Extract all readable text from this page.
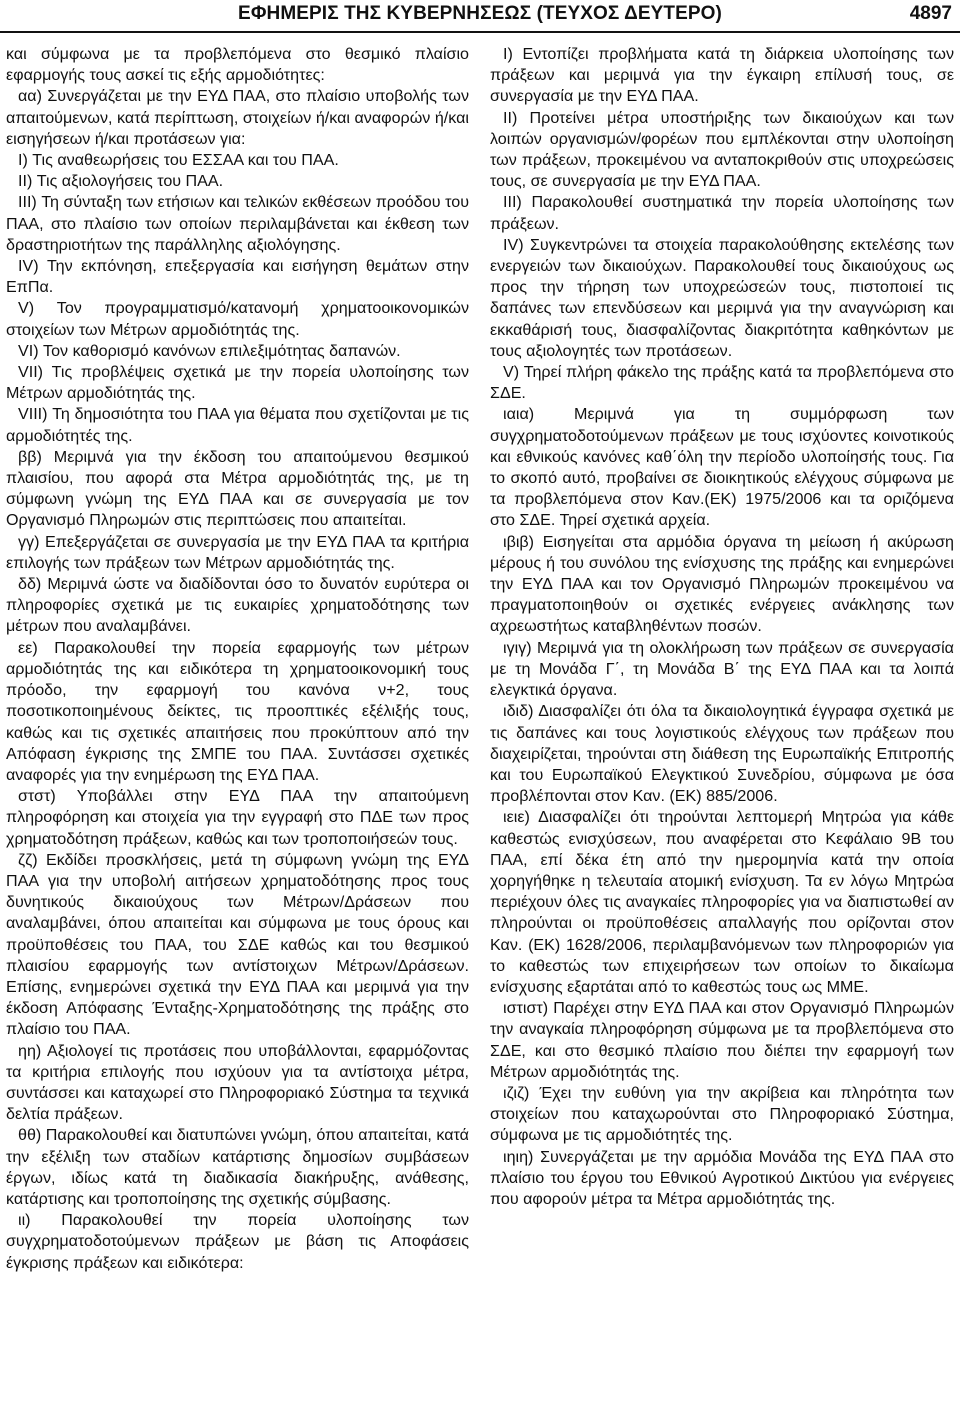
ΕΦΗΜΕΡΙΣ ΤΗΣ ΚΥΒΕΡΝΗΣΕΩΣ (ΤΕΥΧΟΣ ΔΕΥΤΕΡΟ)	4897

και σύμφωνα με τα προβλεπόμενα στο θεσμικό πλαίσιο εφαρμογής τους ασκεί τις εξής αρμοδιότητες:

αα) Συνεργάζεται με την ΕΥΔ ΠΑΑ, στο πλαίσιο υποβολής των απαιτούμενων, κατά περίπτωση, στοιχείων ή/και αναφορών ή/και εισηγήσεων ή/και προτάσεων για:

I) Τις αναθεωρήσεις του ΕΣΣΑΑ και του ΠΑΑ.

II) Τις αξιολογήσεις του ΠΑΑ.

III) Τη σύνταξη των ετήσιων και τελικών εκθέσεων προόδου του ΠΑΑ, στο πλαίσιο των οποίων περιλαμβάνεται και έκθεση των δραστηριοτήτων της παράλληλης αξιολόγησης.

IV) Την εκπόνηση, επεξεργασία και εισήγηση θεμάτων στην ΕπΠα.

V) Τον προγραμματισμό/κατανομή χρηματοοικονομικών στοιχείων των Μέτρων αρμοδιότητάς της.

VI) Τον καθορισμό κανόνων επιλεξιμότητας δαπανών.

VII) Τις προβλέψεις σχετικά με την πορεία υλοποίησης των Μέτρων αρμοδιότητάς της.

VIII) Τη δημοσιότητα του ΠΑΑ για θέματα που σχετίζονται με τις αρμοδιότητές της.

ββ) Μεριμνά για την έκδοση του απαιτούμενου θεσμικού πλαισίου, που αφορά στα Μέτρα αρμοδιότητάς της, με τη σύμφωνη γνώμη της ΕΥΔ ΠΑΑ και σε συνεργασία με τον Οργανισμό Πληρωμών στις περιπτώσεις που απαιτείται.

γγ) Επεξεργάζεται σε συνεργασία με την ΕΥΔ ΠΑΑ τα κριτήρια επιλογής των πράξεων των Μέτρων αρμοδιότητάς της.

δδ) Μεριμνά ώστε να διαδίδονται όσο το δυνατόν ευρύτερα οι πληροφορίες σχετικά με τις ευκαιρίες χρηματοδότησης των μέτρων που αναλαμβάνει.

εε) Παρακολουθεί την πορεία εφαρμογής των μέτρων αρμοδιότητάς της και ειδικότερα τη χρηματοοικονομική τους πρόοδο, την εφαρμογή του κανόνα ν+2, τους ποσοτικοποιημένους δείκτες, τις προοπτικές εξέλιξής τους, καθώς και τις σχετικές απαιτήσεις που προκύπτουν από την Απόφαση έγκρισης της ΣΜΠΕ του ΠΑΑ. Συντάσσει σχετικές αναφορές για την ενημέρωση της ΕΥΔ ΠΑΑ.

στστ) Υποβάλλει στην ΕΥΔ ΠΑΑ την απαιτούμενη πληροφόρηση και στοιχεία για την εγγραφή στο ΠΔΕ των προς χρηματοδότηση πράξεων, καθώς και των τροποποιήσεών τους.

ζζ) Εκδίδει προσκλήσεις, μετά τη σύμφωνη γνώμη της ΕΥΔ ΠΑΑ για την υποβολή αιτήσεων χρηματοδότησης προς τους δυνητικούς δικαιούχους των Μέτρων/Δράσεων που αναλαμβάνει, όπου απαιτείται και σύμφωνα με τους όρους και προϋποθέσεις του ΠΑΑ, του ΣΔΕ καθώς και του θεσμικού πλαισίου εφαρμογής των αντίστοιχων Μέτρων/Δράσεων. Επίσης, ενημερώνει σχετικά την ΕΥΔ ΠΑΑ και μεριμνά για την έκδοση Απόφασης Ένταξης-Χρηματοδότησης της πράξης στο πλαίσιο του ΠΑΑ.

ηη) Αξιολογεί τις προτάσεις που υποβάλλονται, εφαρμόζοντας τα κριτήρια επιλογής που ισχύουν για τα αντίστοιχα μέτρα, συντάσσει και καταχωρεί στο Πληροφοριακό Σύστημα τα τεχνικά δελτία πράξεων.

θθ) Παρακολουθεί και διατυπώνει γνώμη, όπου απαιτείται, κατά την εξέλιξη των σταδίων κατάρτισης δημοσίων συμβάσεων έργων, ιδίως κατά τη διαδικασία διακήρυξης, ανάθεσης, κατάρτισης και τροποποίησης της σχετικής σύμβασης.

ιι) Παρακολουθεί την πορεία υλοποίησης των συγχρηματοδοτούμενων πράξεων με βάση τις Αποφάσεις έγκρισης πράξεων και ειδικότερα:

I) Εντοπίζει προβλήματα κατά τη διάρκεια υλοποίησης των πράξεων και μεριμνά για την έγκαιρη επίλυσή τους, σε συνεργασία με την ΕΥΔ ΠΑΑ.

II) Προτείνει μέτρα υποστήριξης των δικαιούχων και των λοιπών οργανισμών/φορέων που εμπλέκονται στην υλοποίηση των πράξεων, προκειμένου να ανταποκριθούν στις υποχρεώσεις τους, σε συνεργασία με την ΕΥΔ ΠΑΑ.

III) Παρακολουθεί συστηματικά την πορεία υλοποίησης των πράξεων.

IV) Συγκεντρώνει τα στοιχεία παρακολούθησης εκτελέσης των ενεργειών των δικαιούχων. Παρακολουθεί τους δικαιούχους ως προς την τήρηση των υποχρεώσεών τους, πιστοποιεί τις δαπάνες των επενδύσεων και μεριμνά για την αναγνώριση και εκκαθάρισή τους, διασφαλίζοντας διακριτότητα καθηκόντων με τους αξιολογητές των προτάσεων.

V) Τηρεί πλήρη φάκελο της πράξης κατά τα προβλεπόμενα στο ΣΔΕ.

ιαια) Μεριμνά για τη συμμόρφωση των συγχρηματοδοτούμενων πράξεων με τους ισχύοντες κοινοτικούς και εθνικούς κανόνες καθ΄όλη την περίοδο υλοποίησής τους. Για το σκοπό αυτό, προβαίνει σε διοικητικούς ελέγχους σύμφωνα με τα προβλεπόμενα στον Καν.(ΕΚ) 1975/2006 και τα οριζόμενα στο ΣΔΕ. Τηρεί σχετικά αρχεία.

ιβιβ) Εισηγείται στα αρμόδια όργανα τη μείωση ή ακύρωση μέρους ή του συνόλου της ενίσχυσης της πράξης και ενημερώνει την ΕΥΔ ΠΑΑ και τον Οργανισμό Πληρωμών προκειμένου να πραγματοποιηθούν οι σχετικές ενέργειες ανάκλησης των αχρεωστήτως καταβληθέντων ποσών.

ιγιγ) Μεριμνά για τη ολοκλήρωση των πράξεων σε συνεργασία με τη Μονάδα Γ΄, τη Μονάδα Β΄ της ΕΥΔ ΠΑΑ και τα λοιπά ελεγκτικά όργανα.

ιδιδ) Διασφαλίζει ότι όλα τα δικαιολογητικά έγγραφα σχετικά με τις δαπάνες και τους λογιστικούς ελέγχους των πράξεων που διαχειρίζεται, τηρούνται στη διάθεση της Ευρωπαϊκής Επιτροπής και του Ευρωπαϊκού Ελεγκτικού Συνεδρίου, σύμφωνα με όσα προβλέπονται στον Καν. (ΕΚ) 885/2006.

ιειε) Διασφαλίζει ότι τηρούνται λεπτομερή Μητρώα για κάθε καθεστώς ενισχύσεων, που αναφέρεται στο Κεφάλαιο 9Β του ΠΑΑ, επί δέκα έτη από την ημερομηνία κατά την οποία χορηγήθηκε η τελευταία ατομική ενίσχυση. Τα εν λόγω Μητρώα περιέχουν όλες τις αναγκαίες πληροφορίες για να διαπιστωθεί αν πληρούνται οι προϋποθέσεις απαλλαγής που ορίζονται στον Καν. (ΕΚ) 1628/2006, περιλαμβανόμενων των πληροφοριών για το καθεστώς των επιχειρήσεων των οποίων το δικαίωμα ενίσχυσης εξαρτάται από το καθεστώς τους ως ΜΜΕ.

ιστιστ) Παρέχει στην ΕΥΔ ΠΑΑ και στον Οργανισμό Πληρωμών την αναγκαία πληροφόρηση σύμφωνα με τα προβλεπόμενα στο ΣΔΕ, και στο θεσμικό πλαίσιο που διέπει την εφαρμογή των Μέτρων αρμοδιότητάς της.

ιζιζ) Έχει την ευθύνη για την ακρίβεια και πληρότητα των στοιχείων που καταχωρούνται στο Πληροφοριακό Σύστημα, σύμφωνα με τις αρμοδιότητές της.

ιηιη) Συνεργάζεται με την αρμόδια Μονάδα της ΕΥΔ ΠΑΑ στο πλαίσιο του έργου του Εθνικού Αγροτικού Δικτύου για ενέργειες που αφορούν μέτρα τα Μέτρα αρμοδιότητάς της.
